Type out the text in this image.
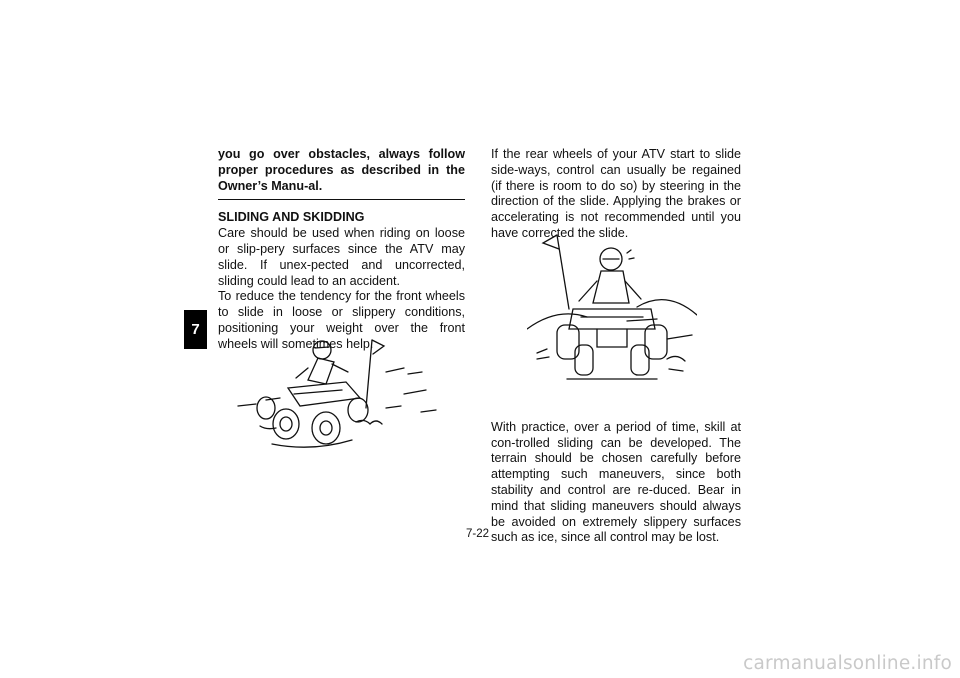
7

you go over obstacles, always follow proper procedures as described in the Owner’s Manu-al.

SLIDING AND SKIDDING

Care should be used when riding on loose or slip-pery surfaces since the ATV may slide. If unex-pected and uncorrected, sliding could lead to an accident.

To reduce the tendency for the front wheels to slide in loose or slippery conditions, positioning your weight over the front wheels will sometimes help.

If the rear wheels of your ATV start to slide side-ways, control can usually be regained (if there is room to do so) by steering in the direction of the slide. Applying the brakes or accelerating is not recommended until you have corrected the slide.

With practice, over a period of time, skill at con-trolled sliding can be developed. The terrain should be chosen carefully before attempting such maneuvers, since both stability and control are re-duced. Bear in mind that sliding maneuvers should always be avoided on extremely slippery surfaces such as ice, since all control may be lost.

7-22
carmanualsonline.info
